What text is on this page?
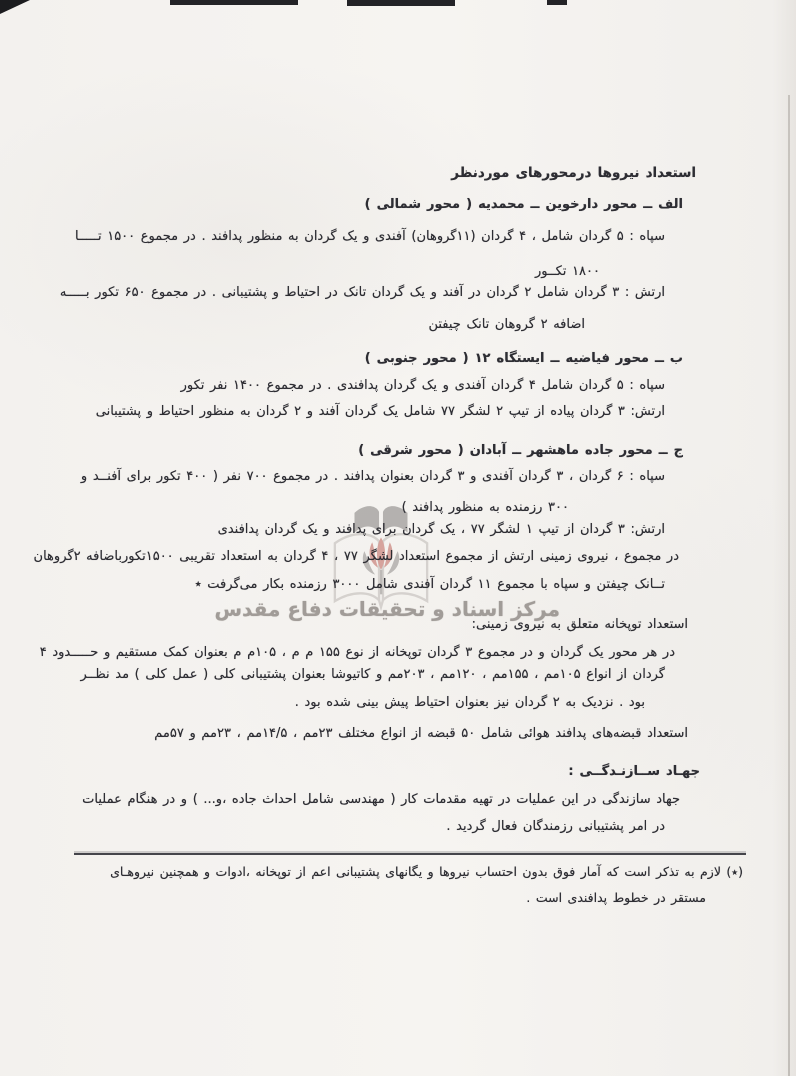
مرکز اسناد و تحقیقات دفاع مقدس
استعداد نیروها درمحورهای موردنظر
الف ــ محور دارخوین ــ محمدیه ( محور شمالی )
سپاه : ۵ گردان شامل ، ۴ گردان (۱۱گروهان) آفندی و یک گردان به منظور پدافند . در مجموع ۱۵۰۰ تـــــا
۱۸۰۰ تکــور
ارتش : ۳ گردان شامل ۲ گردان در آفند و یک گردان تانک در احتیاط و پشتیبانی . در مجموع ۶۵۰ تکور بـــــه
اضافه ۲ گروهان تانک چیفتن
ب ــ محور فیاضیه ــ ایستگاه ۱۲ ( محور جنوبی )
سپاه : ۵ گردان شامل ۴ گردان آفندی و یک گردان پدافندی . در مجموع ۱۴۰۰ نفر تکور
ارتش: ۳ گردان پیاده از تیپ ۲ لشگر ۷۷ شامل یک گردان آفند و ۲ گردان به منظور احتیاط و پشتیبانی
ج ــ محور جاده ماهشهر ــ آبادان ( محور شرقی )
سپاه : ۶ گردان ، ۳ گردان آفندی و ۳ گردان بعنوان پدافند . در مجموع ۷۰۰ نفر ( ۴۰۰ تکور برای آفنــد و
۳۰۰ رزمنده به منظور پدافند )
ارتش: ۳ گردان از تیپ ۱ لشگر ۷۷ ، یک گردان برای پدافند و یک گردان پدافندی
در مجموع ، نیروی زمینی ارتش از مجموع استعداد لشگر ۷۷ ، ۴ گردان به استعداد تقریبی ۱۵۰۰تکورباضافه ۲گروهان
تــانک چیفتن و سپاه با مجموع ۱۱ گردان آفندی شامل ۳۰۰۰ رزمنده بکار می‌گرفت ٭
استعداد توپخانه متعلق به نیروی زمینی:
در هر محور یک گردان و در مجموع ۳ گردان توپخانه از نوع ۱۵۵ م م ، ۱۰۵م م بعنوان کمک مستقیم و حـــــدود ۴
گردان از انواع ۱۰۵مم ، ۱۵۵مم ، ۱۲۰مم ، ۲۰۳مم و کاتیوشا بعنوان پشتیبانی کلی ( عمل کلی ) مد نظــر
بود . نزدیک به ۲ گردان نیز بعنوان احتیاط پیش بینی شده بود .
استعداد قبضه‌های پدافند هوائی شامل ۵۰ قبضه از انواع مختلف ۲۳مم ، ۱۴/۵مم ، ۲۳مم و ۵۷مم
جهـاد ســازنـدگــی :
جهاد سازندگی در این عملیات در تهیه مقدمات کار ( مهندسی شامل احداث جاده ،و... ) و در هنگام عملیات
در امر پشتیبانی رزمندگان فعال گردید .
(٭) لازم به تذکر است که آمار فوق بدون احتساب نیروها و یگانهای پشتیبانی اعم از توپخانه ،ادوات و همچنین نیروهـای
مستقر در خطوط پدافندی است .
